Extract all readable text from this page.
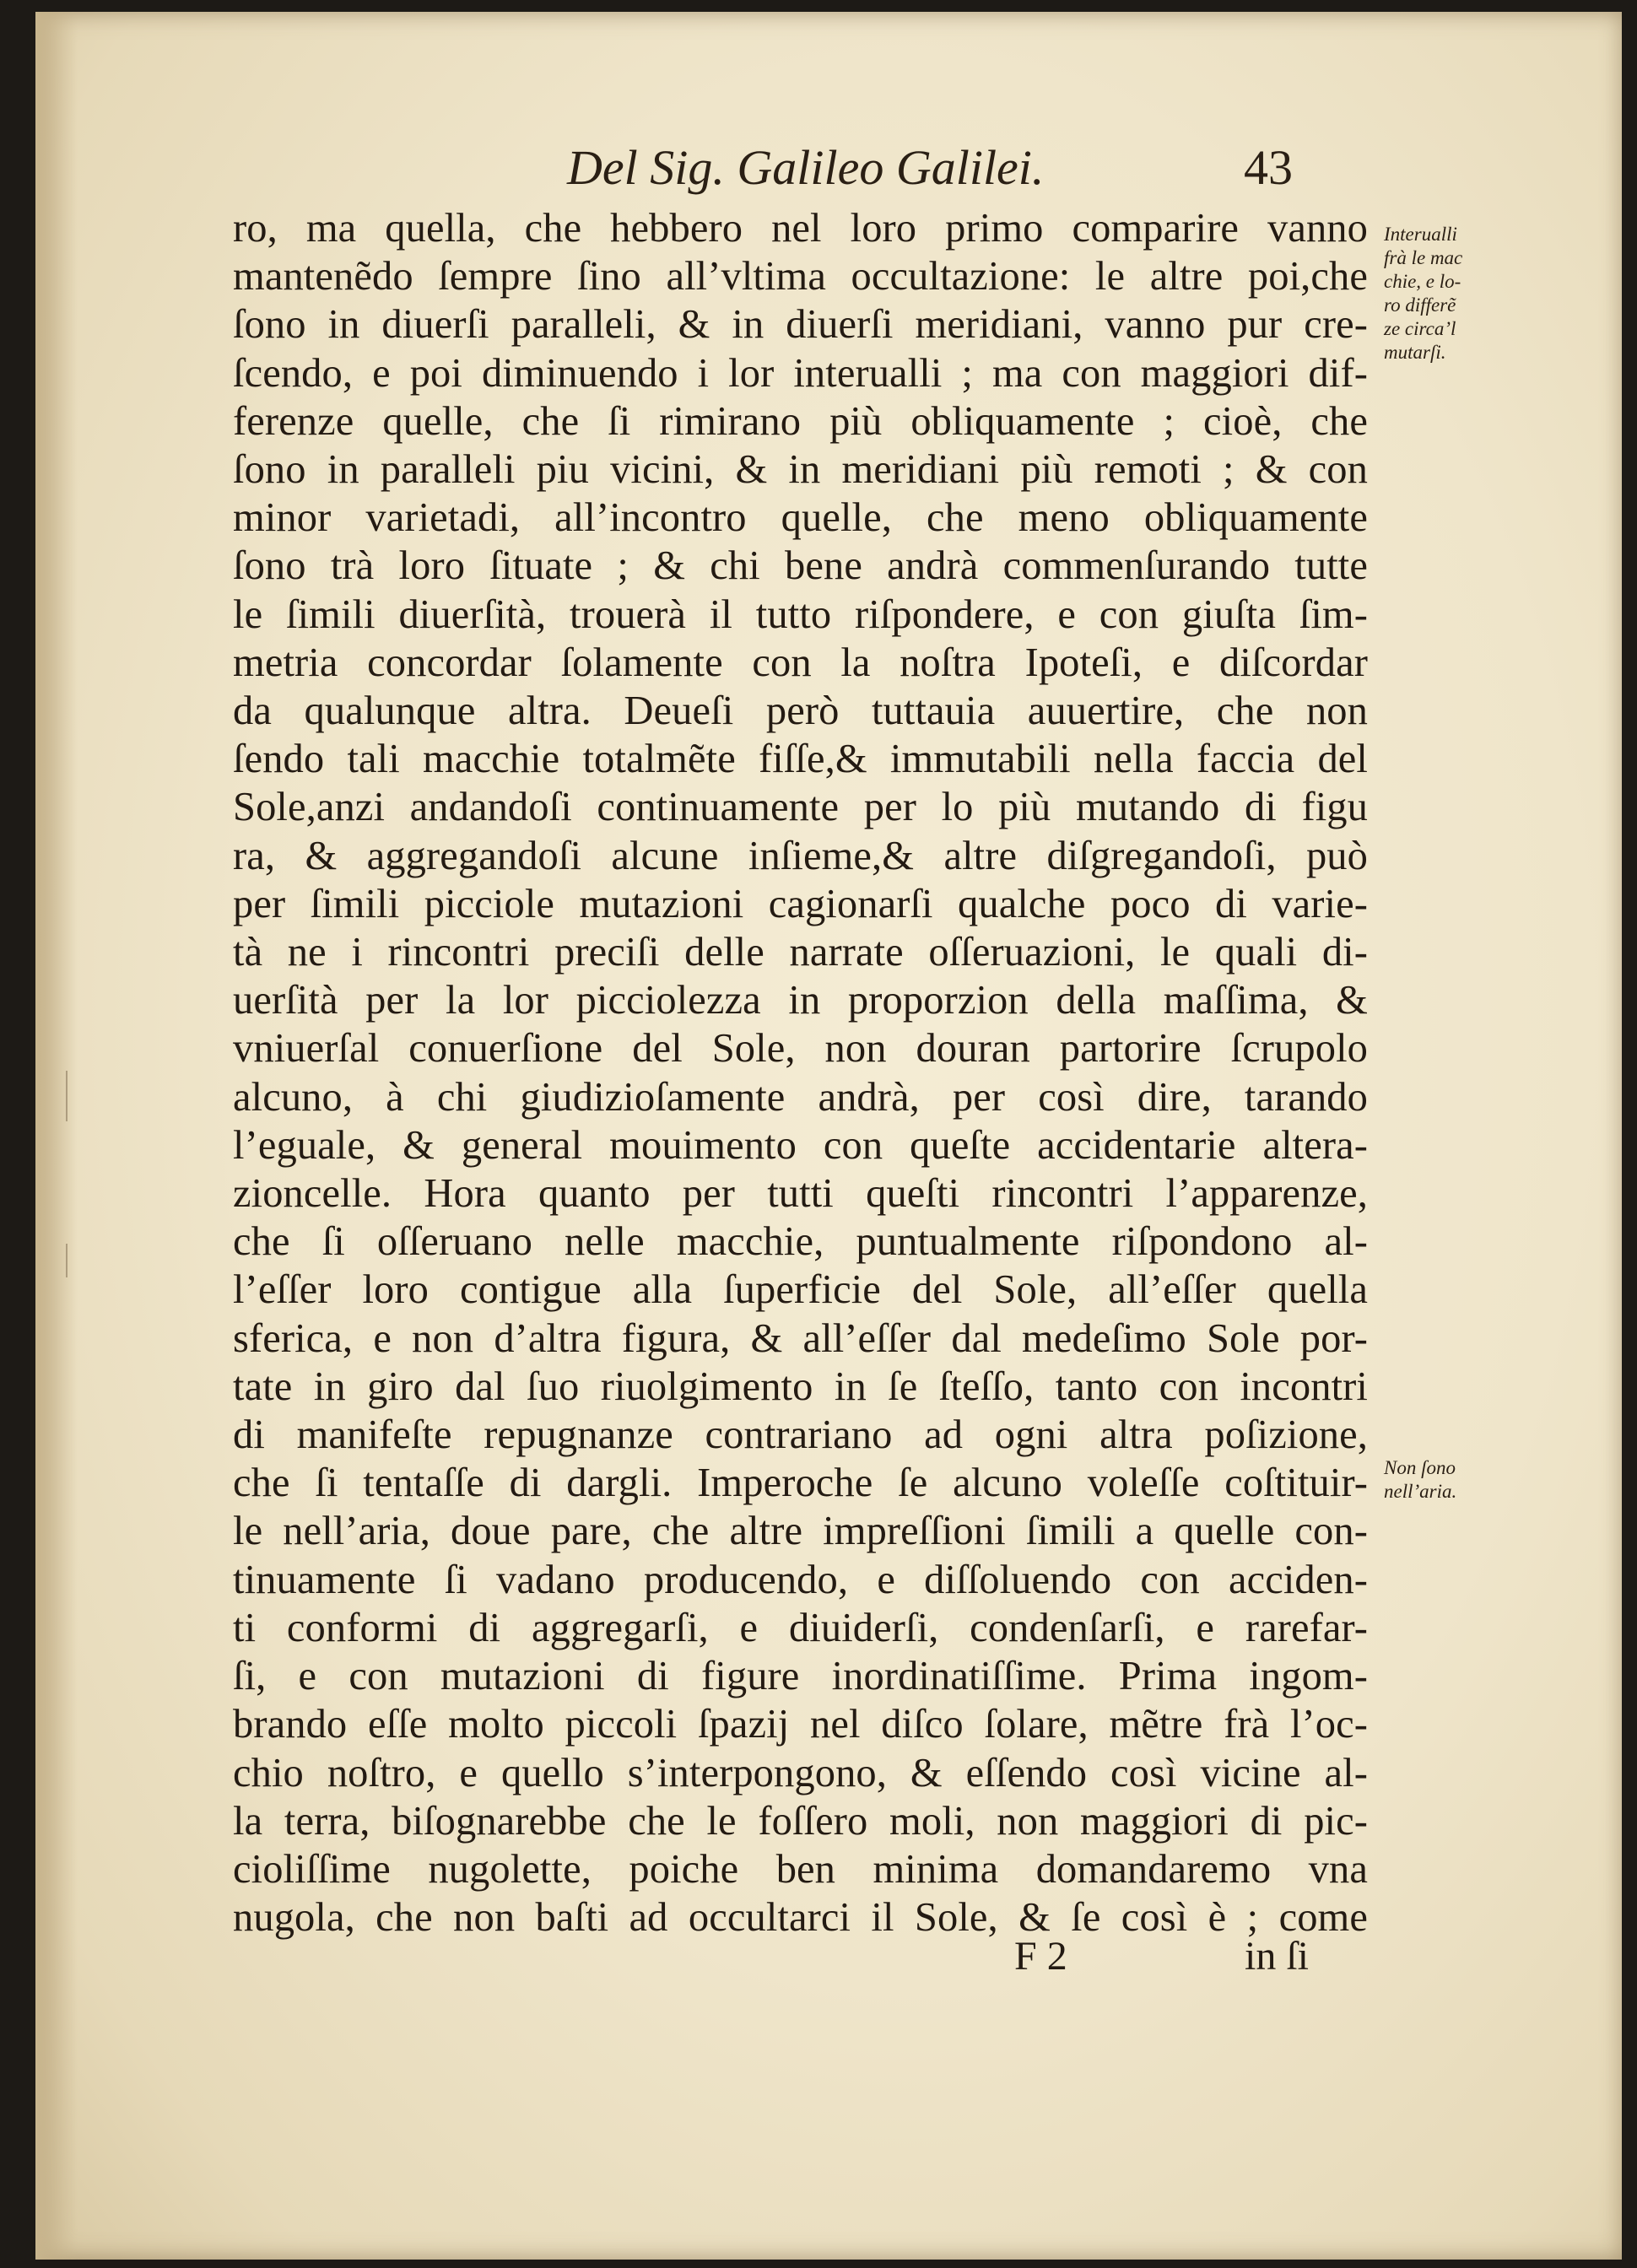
Del Sig. Galileo Galilei.	43
ro, ma quella, che hebbero nel loro primo comparire vanno
mantenẽdo ſempre ſino all’vltima occultazione: le altre poi,che
ſono in diuerſi paralleli, & in diuerſi meridiani, vanno pur cre-
ſcendo, e poi diminuendo i lor interualli ; ma con maggiori dif-
ferenze quelle, che ſi rimirano più obliquamente ; cioè, che
ſono in paralleli piu vicini, & in meridiani più remoti ; & con
minor varietadi, all’incontro quelle, che meno obliquamente
ſono trà loro ſituate ; & chi bene andrà commenſurando tutte
le ſimili diuerſità, trouerà il tutto riſpondere, e con giuſta ſim-
metria concordar ſolamente con la noſtra Ipoteſi, e diſcordar
da qualunque altra. Deueſi però tuttauia auuertire, che non
ſendo tali macchie totalmẽte fiſſe,& immutabili nella faccia del
Sole,anzi andandoſi continuamente per lo più mutando di figu
ra, & aggregandoſi alcune inſieme,& altre diſgregandoſi, può
per ſimili picciole mutazioni cagionarſi qualche poco di varie-
tà ne i rincontri preciſi delle narrate oſſeruazioni, le quali di-
uerſità per la lor picciolezza in proporzion della maſſima, &
vniuerſal conuerſione del Sole, non douran partorire ſcrupolo
alcuno, à chi giudizioſamente andrà, per così dire, tarando
l’eguale, & general mouimento con queſte accidentarie altera-
zioncelle. Hora quanto per tutti queſti rincontri l’apparenze,
che ſi oſſeruano nelle macchie, puntualmente riſpondono al-
l’eſſer loro contigue alla ſuperficie del Sole, all’eſſer quella
sferica, e non d’altra figura, & all’eſſer dal medeſimo Sole por-
tate in giro dal ſuo riuolgimento in ſe ſteſſo, tanto con incontri
di manifeſte repugnanze contrariano ad ogni altra poſizione,
che ſi tentaſſe di dargli. Imperoche ſe alcuno voleſſe coſtituir-
le nell’aria, doue pare, che altre impreſſioni ſimili a quelle con-
tinuamente ſi vadano producendo, e diſſoluendo con acciden-
ti conformi di aggregarſi, e diuiderſi, condenſarſi, e rarefar-
ſi, e con mutazioni di figure inordinatiſſime. Prima ingom-
brando eſſe molto piccoli ſpazij nel diſco ſolare, mẽtre frà l’oc-
chio noſtro, e quello s’interpongono, & eſſendo così vicine al-
la terra, biſognarebbe che le foſſero moli, non maggiori di pic-
cioliſſime nugolette, poiche ben minima domandaremo vna
nugola, che non baſti ad occultarci il Sole, & ſe così è ; come
Interualli
frà le mac
chie, e lo-
ro differẽ
ze circa’l
mutarſi.
Non ſono
nell’aria.
F 2	in ſi
